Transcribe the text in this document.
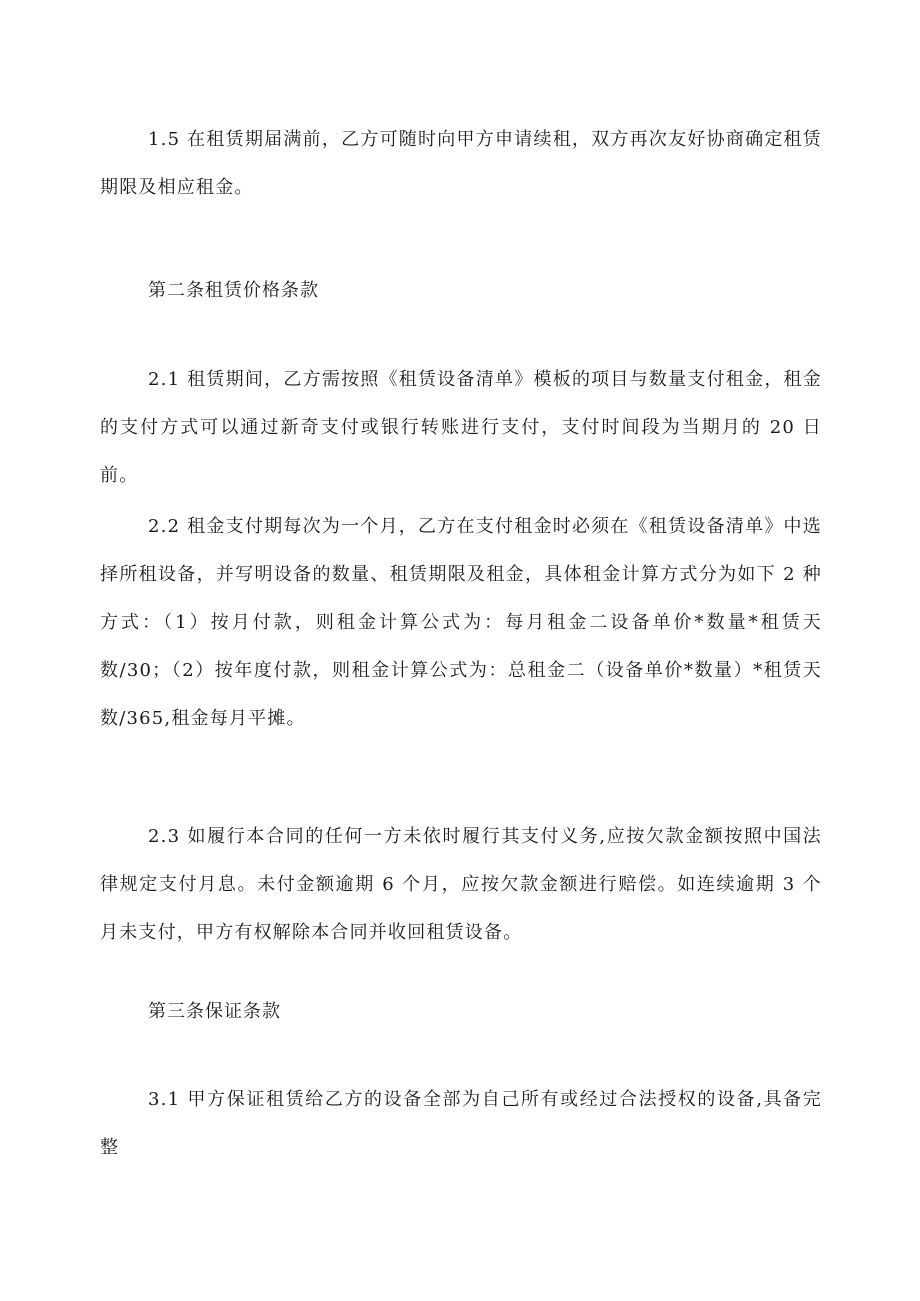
1.5 在租赁期届满前，乙方可随时向甲方申请续租，双方再次友好协商确定租赁期限及相应租金。

第二条租赁价格条款

2.1 租赁期间，乙方需按照《租赁设备清单》模板的项目与数量支付租金，租金的支付方式可以通过新奇支付或银行转账进行支付，支付时间段为当期月的 20 日前。

2.2 租金支付期每次为一个月，乙方在支付租金时必须在《租赁设备清单》中选择所租设备，并写明设备的数量、租赁期限及租金，具体租金计算方式分为如下 2 种方式：（1）按月付款，则租金计算公式为：每月租金二设备单价*数量*租赁天数/30；（2）按年度付款，则租金计算公式为：总租金二（设备单价*数量）*租赁天数/365,租金每月平摊。

2.3 如履行本合同的任何一方未依时履行其支付义务,应按欠款金额按照中国法律规定支付月息。未付金额逾期 6 个月，应按欠款金额进行赔偿。如连续逾期 3 个月未支付，甲方有权解除本合同并收回租赁设备。

第三条保证条款

3.1 甲方保证租赁给乙方的设备全部为自己所有或经过合法授权的设备,具备完整
